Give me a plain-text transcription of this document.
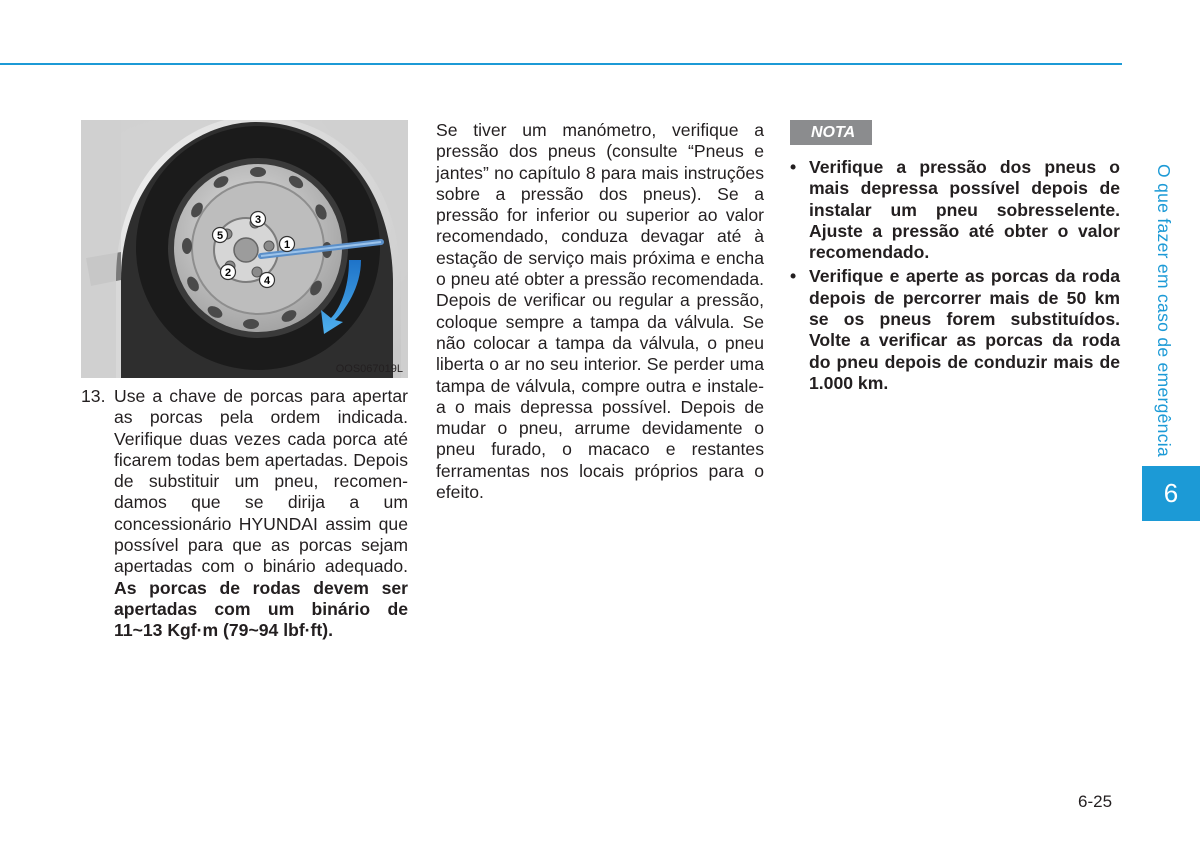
1
2
3
4
5
OOS067019L
13. Use a chave de porcas para apertar as porcas pela ordem indicada. Verifique duas vezes cada porca até ficarem todas bem apertadas. Depois de substituir um pneu, recomen-damos que se dirija a um concessionário HYUNDAI assim que possível para que as porcas sejam apertadas com o binário adequado. As porcas de rodas devem ser apertadas com um binário de 11~13 Kgf·m (79~94 lbf·ft).
Se tiver um manómetro, verifique a pressão dos pneus (consulte “Pneus e jantes” no capítulo 8 para mais instruções sobre a pressão dos pneus). Se a pressão for inferior ou superior ao valor recomendado, conduza devagar até à estação de serviço mais próxima e encha o pneu até obter a pressão recomendada. Depois de verificar ou regular a pressão, coloque sempre a tampa da válvula. Se não colocar a tampa da válvula, o pneu liberta o ar no seu interior. Se perder uma tampa de válvula, compre outra e instale-a o mais depressa possível. Depois de mudar o pneu, arrume devidamente o pneu furado, o macaco e restantes ferramentas nos locais próprios para o efeito.
NOTA
• Verifique a pressão dos pneus o mais depressa possível depois de instalar um pneu sobresselente. Ajuste a pressão até obter o valor recomendado.
• Verifique e aperte as porcas da roda depois de percorrer mais de 50 km se os pneus forem substituídos. Volte a verificar as porcas da roda do pneu depois de conduzir mais de 1.000 km.	O que fazer em caso de emergência
6
6-25
